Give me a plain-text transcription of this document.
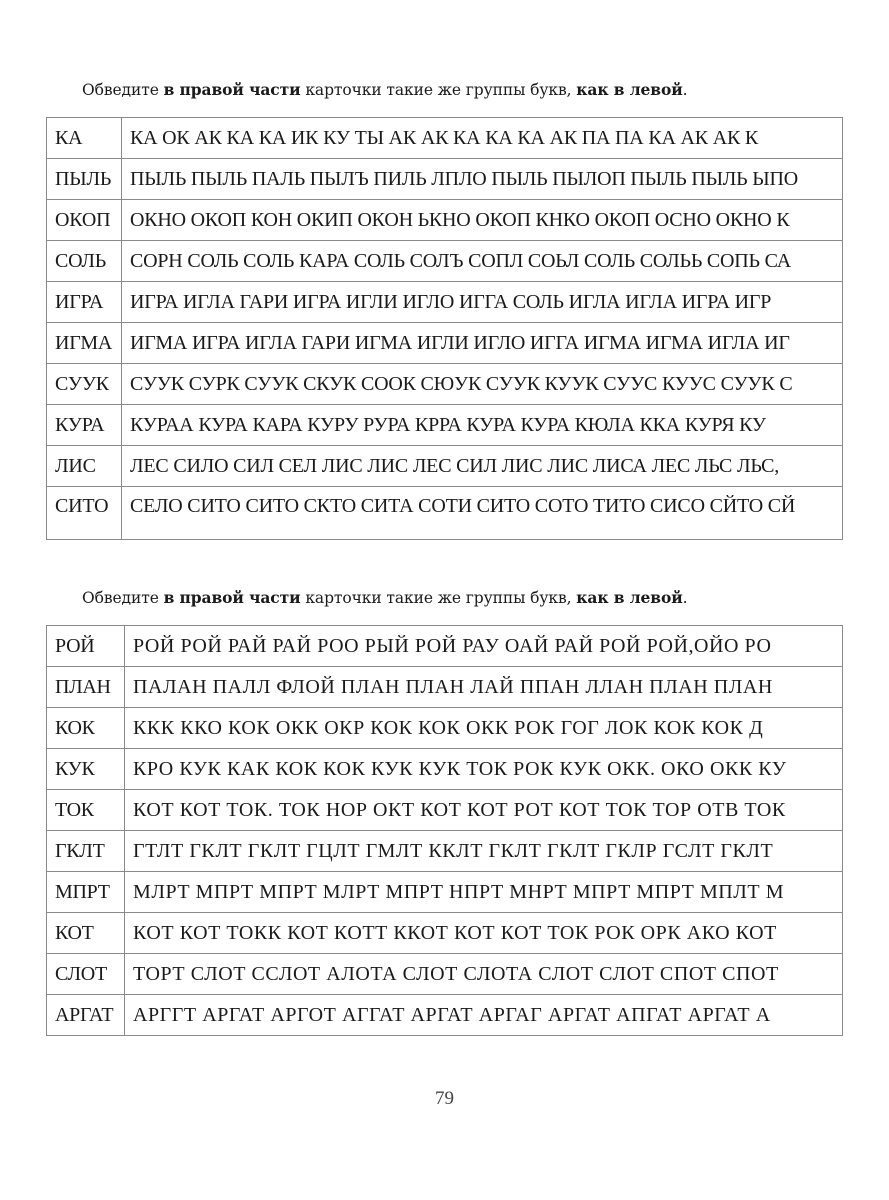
Обведите в правой части карточки такие же группы букв, как в левой.
КА	КА ОК АК КА КА ИК КУ ТЫ АК АК КА КА КА АК ПА ПА КА АК АК К
ПЫЛЬ	ПЫЛЬ ПЫЛЬ ПАЛЬ ПЫЛЪ ПИЛЬ ЛПЛО ПЫЛЬ ПЫЛОП ПЫЛЬ ПЫЛЬ ЫПО
ОКОП	ОКНО ОКОП КОН ОКИП ОКОН ЬКНО ОКОП КНКО ОКОП ОСНО ОКНО К
СОЛЬ	СОРН СОЛЬ СОЛЬ КАРА СОЛЬ СОЛЪ СОПЛ СОЬЛ СОЛЬ СОЛЬЬ СОПЬ СА
ИГРА	ИГРА ИГЛА ГАРИ ИГРА ИГЛИ ИГЛО ИГГА СОЛЬ ИГЛА ИГЛА ИГРА ИГР
ИГМА	ИГМА ИГРА ИГЛА ГАРИ ИГМА ИГЛИ ИГЛО ИГГА ИГМА ИГМА ИГЛА ИГ
СУУК	СУУК СУРК СУУК СКУК СООК СЮУК СУУК КУУК СУУС КУУС СУУК С
КУРА	КУРАА КУРА КАРА КУРУ РУРА КРРА КУРА КУРА КЮЛА ККА КУРЯ КУ
ЛИС	ЛЕС СИЛО СИЛ СЕЛ ЛИС ЛИС ЛЕС СИЛ ЛИС ЛИС ЛИСА ЛЕС ЛЬС ЛЬС,
СИТО	СЕЛО СИТО СИТО СКТО СИТА СОТИ СИТО СОТО ТИТО СИСО СЙТО СЙ
Обведите в правой части карточки такие же группы букв, как в левой.
РОЙ	РОЙ РОЙ РАЙ РАЙ РОО РЫЙ РОЙ РАУ ОАЙ РАЙ РОЙ РОЙ,ОЙО РО
ПЛАН	ПАЛАН ПАЛЛ ФЛОЙ ПЛАН ПЛАН ЛАЙ ППАН ЛЛАН ПЛАН ПЛАН
КОК	ККК ККО КОК ОКК ОКР КОК КОК ОКК РОК ГОГ ЛОК КОК КОК Д
КУК	КРО КУК КАК КОК КОК КУК КУК ТОК РОК КУК ОКК. ОКО ОКК КУ
ТОК	КОТ КОТ ТОК. ТОК НОР ОКТ КОТ КОТ РОТ КОТ ТОК ТОР ОТВ ТОК
ГКЛТ	ГТЛТ ГКЛТ ГКЛТ ГЦЛТ ГМЛТ ККЛТ ГКЛТ ГКЛТ ГКЛР ГСЛТ ГКЛТ
МПРТ	МЛРТ МПРТ МПРТ МЛРТ МПРТ НПРТ МНРТ МПРТ МПРТ МПЛТ М
КОТ	КОТ КОТ ТОКК КОТ КОТТ ККОТ КОТ КОТ ТОК РОК ОРК АКО КОТ
СЛОТ	ТОРТ СЛОТ ССЛОТ АЛОТА СЛОТ СЛОТА СЛОТ СЛОТ СПОТ СПОТ
АРГАТ	АРГГТ АРГАТ АРГОТ АГГАТ АРГАТ АРГАГ АРГАТ АПГАТ АРГАТ А
79
